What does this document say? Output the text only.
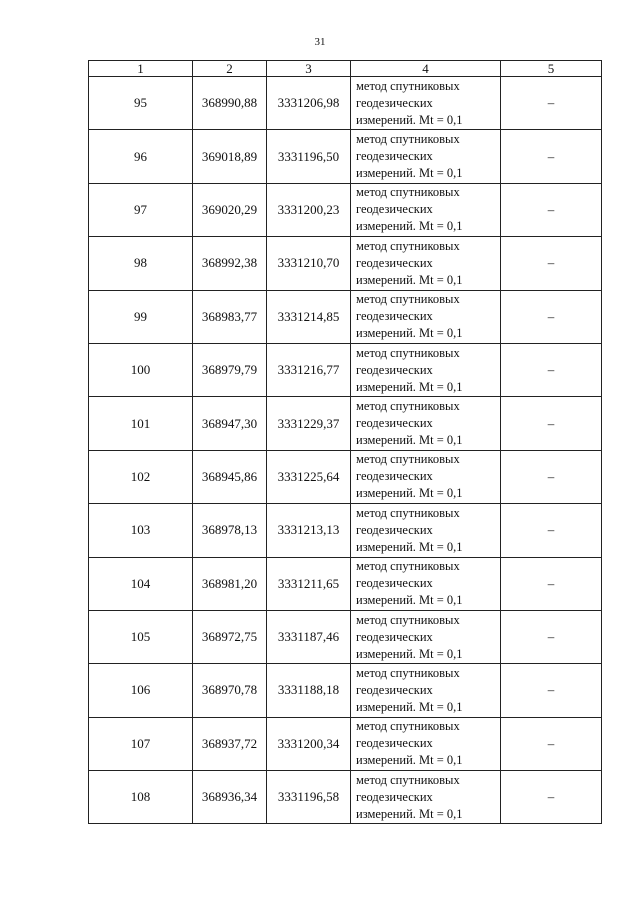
31
1	2	3	4	5
95	368990,88	3331206,98	метод спутниковых
геодезических
измерений. Mt = 0,1	–
96	369018,89	3331196,50	метод спутниковых
геодезических
измерений. Mt = 0,1	–
97	369020,29	3331200,23	метод спутниковых
геодезических
измерений. Mt = 0,1	–
98	368992,38	3331210,70	метод спутниковых
геодезических
измерений. Mt = 0,1	–
99	368983,77	3331214,85	метод спутниковых
геодезических
измерений. Mt = 0,1	–
100	368979,79	3331216,77	метод спутниковых
геодезических
измерений. Mt = 0,1	–
101	368947,30	3331229,37	метод спутниковых
геодезических
измерений. Mt = 0,1	–
102	368945,86	3331225,64	метод спутниковых
геодезических
измерений. Mt = 0,1	–
103	368978,13	3331213,13	метод спутниковых
геодезических
измерений. Mt = 0,1	–
104	368981,20	3331211,65	метод спутниковых
геодезических
измерений. Mt = 0,1	–
105	368972,75	3331187,46	метод спутниковых
геодезических
измерений. Mt = 0,1	–
106	368970,78	3331188,18	метод спутниковых
геодезических
измерений. Mt = 0,1	–
107	368937,72	3331200,34	метод спутниковых
геодезических
измерений. Mt = 0,1	–
108	368936,34	3331196,58	метод спутниковых
геодезических
измерений. Mt = 0,1	–
